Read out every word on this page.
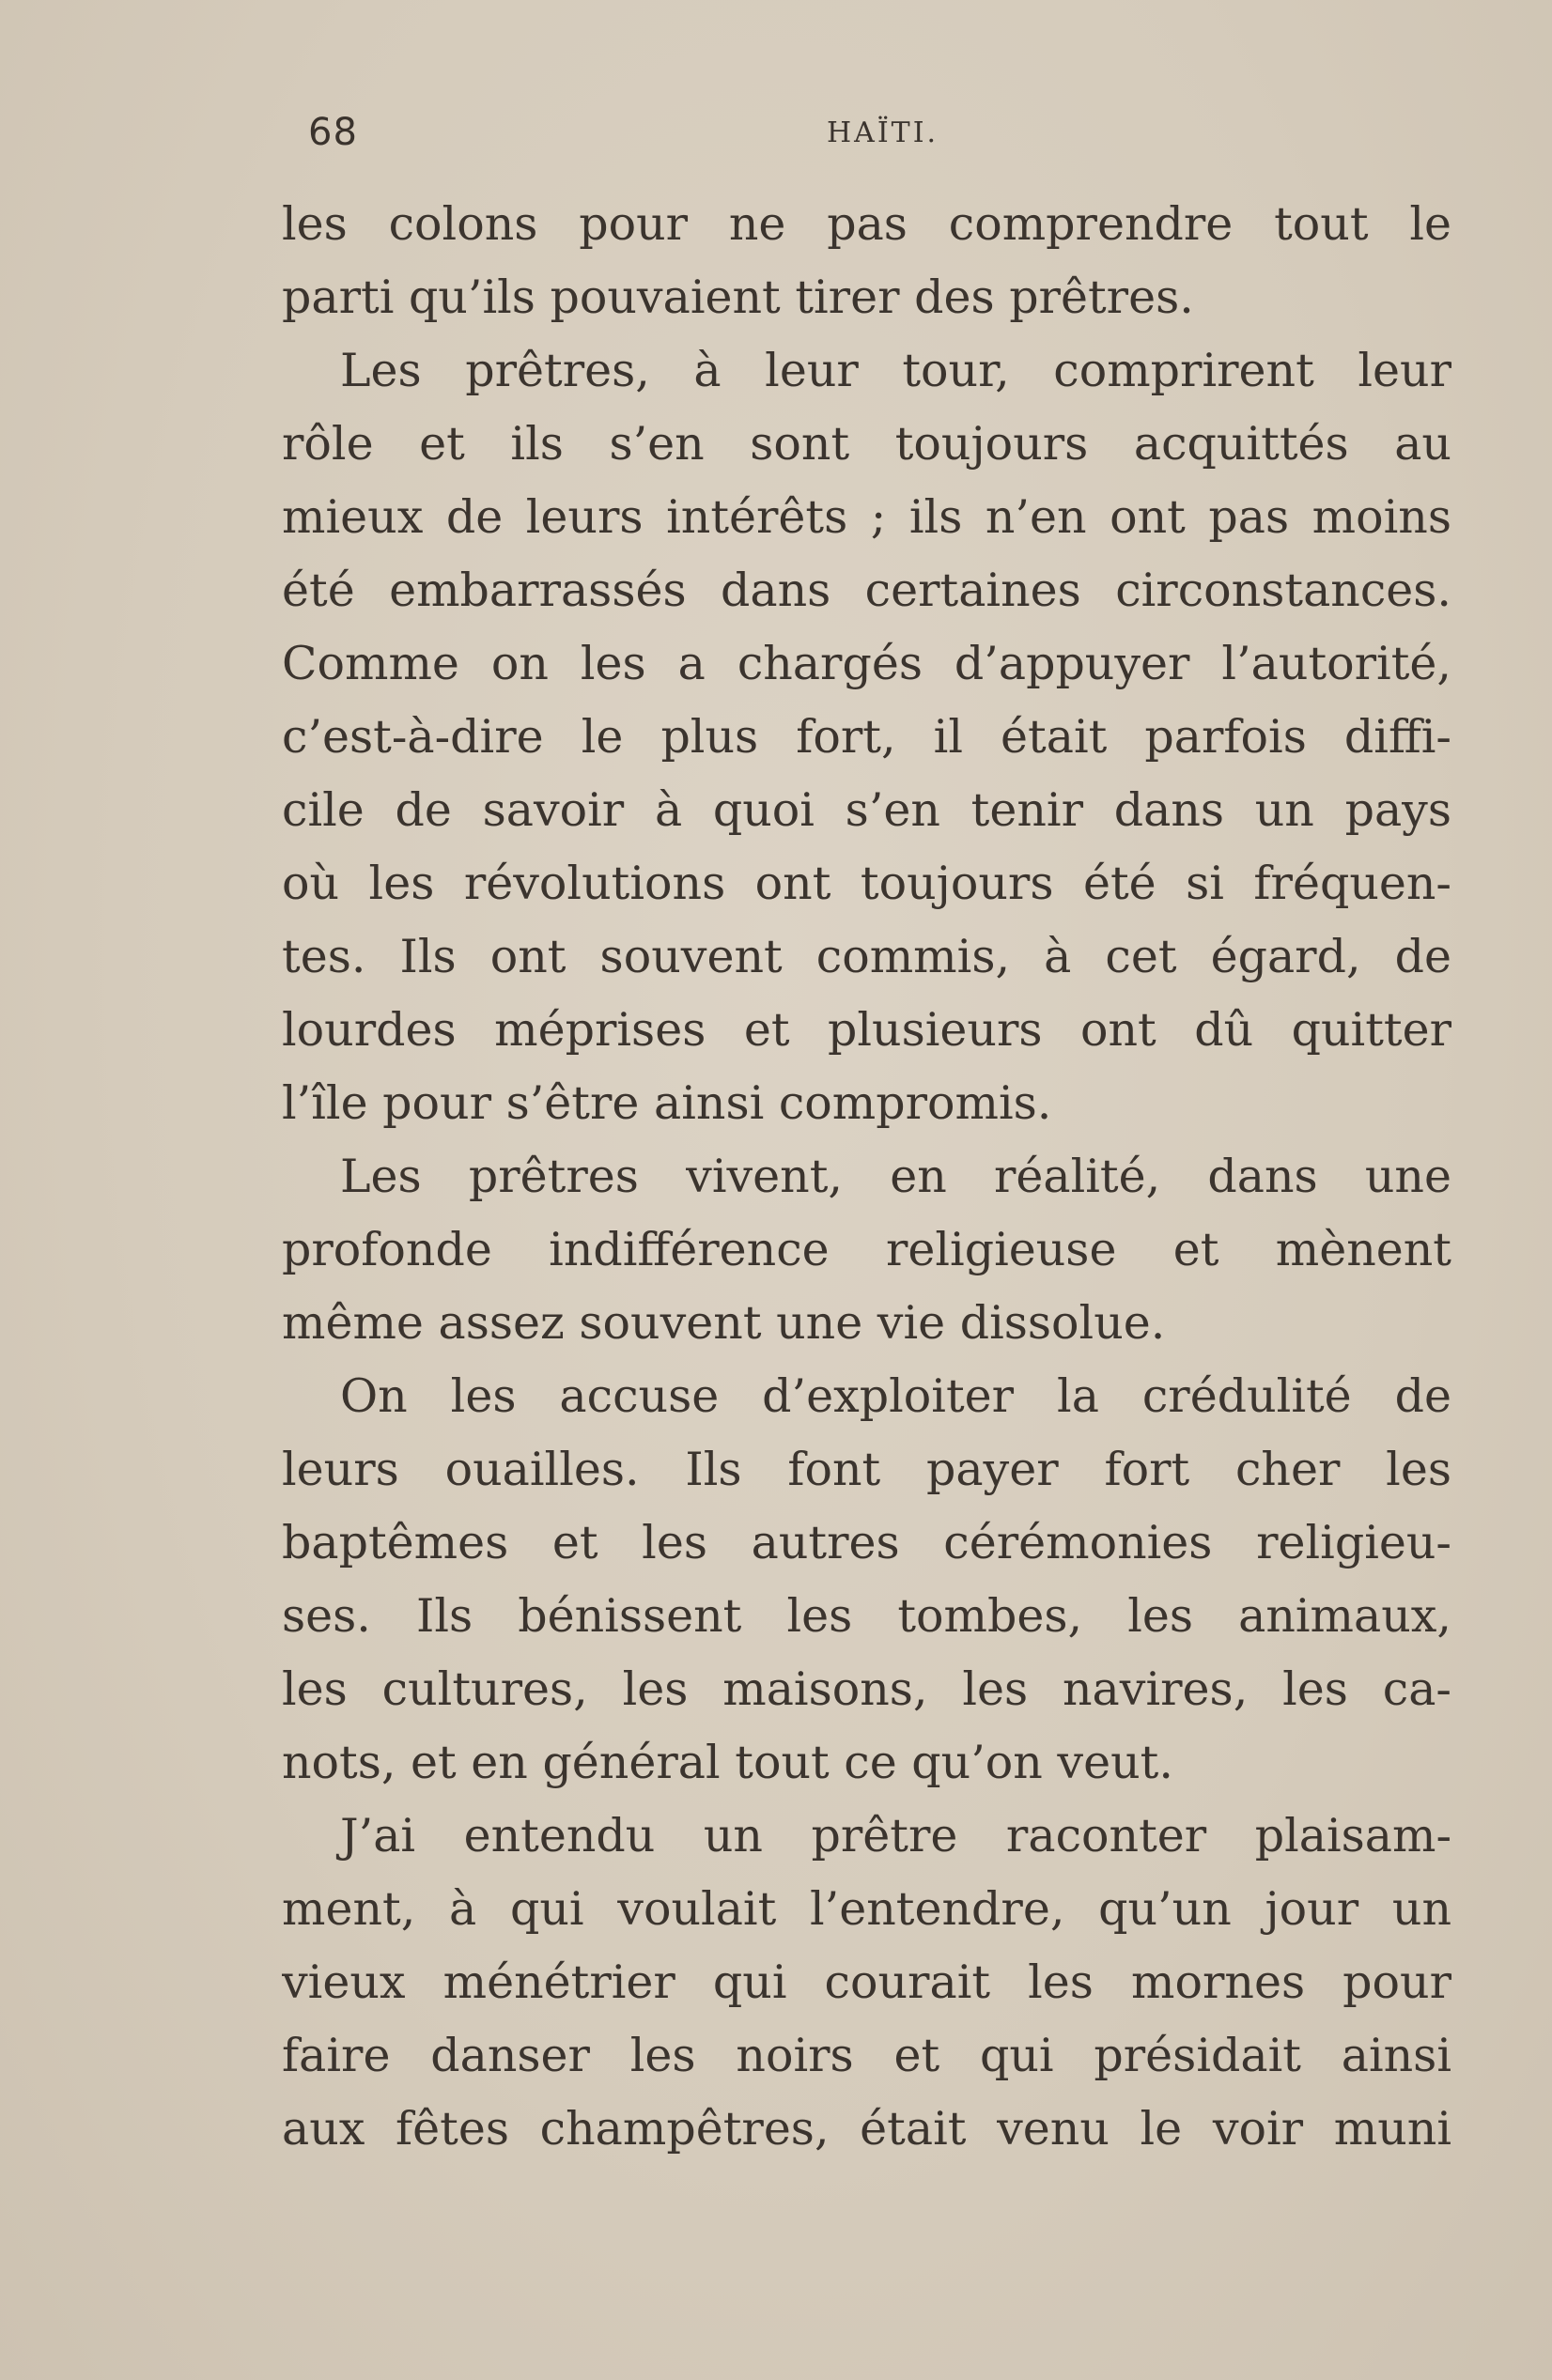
68	HAÏTI.
les colons pour ne pas comprendre tout le
parti qu’ils pouvaient tirer des prêtres.
Les prêtres, à leur tour, comprirent leur
rôle et ils s’en sont toujours acquittés au
mieux de leurs intérêts ; ils n’en ont pas moins
été embarrassés dans certaines circonstances.
Comme on les a chargés d’appuyer l’autorité,
c’est-à-dire le plus fort, il était parfois diffi-
cile de savoir à quoi s’en tenir dans un pays
où les révolutions ont toujours été si fréquen-
tes. Ils ont souvent commis, à cet égard, de
lourdes méprises et plusieurs ont dû quitter
l’île pour s’être ainsi compromis.
Les prêtres vivent, en réalité, dans une
profonde indifférence religieuse et mènent
même assez souvent une vie dissolue.
On les accuse d’exploiter la crédulité de
leurs ouailles. Ils font payer fort cher les
baptêmes et les autres cérémonies religieu-
ses. Ils bénissent les tombes, les animaux,
les cultures, les maisons, les navires, les ca-
nots, et en général tout ce qu’on veut.
J’ai entendu un prêtre raconter plaisam-
ment, à qui voulait l’entendre, qu’un jour un
vieux ménétrier qui courait les mornes pour
faire danser les noirs et qui présidait ainsi
aux fêtes champêtres, était venu le voir muni
